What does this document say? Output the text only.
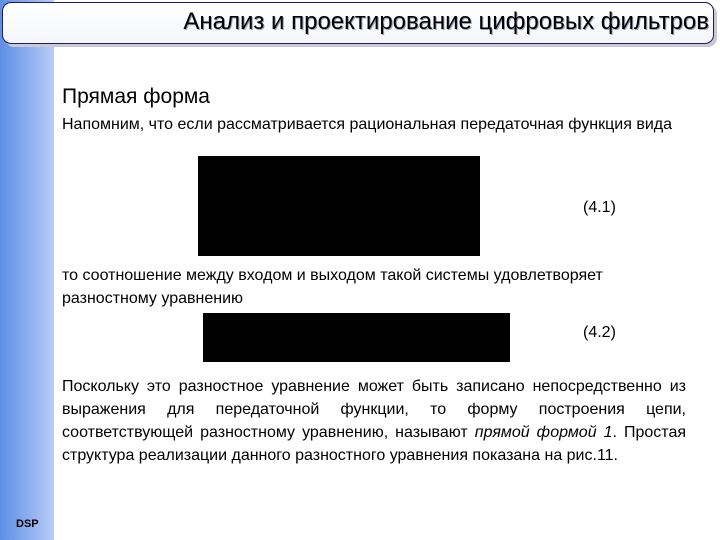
DSP
Анализ и проектирование цифровых фильтров
Прямая форма
Напомним, что если рассматривается рациональная передаточная функция вида
(4.1)
то соотношение между входом и выходом такой системы удовлетворяет разностному уравнению
(4.2)
Поскольку это разностное уравнение может быть записано непосредственно из выражения для передаточной функции, то форму построения цепи, соответствующей разностному уравнению, называют прямой формой 1. Простая структура реализации данного разностного уравнения показана на рис.11.
